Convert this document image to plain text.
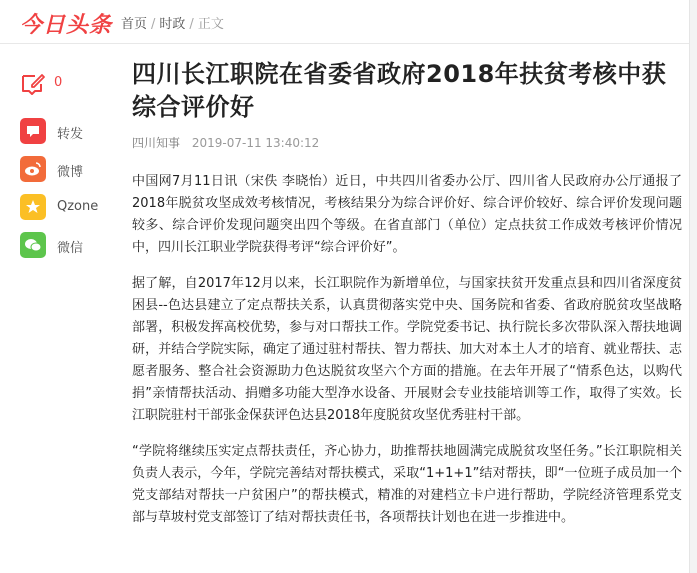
今日头条 首页 / 时政 / 正文
0
转发
微博
Qzone
微信
四川长江职院在省委省政府2018年扶贫考核中获综合评价好
四川知事 2019-07-11 13:40:12

中国网7月11日讯（宋佚 李晓怡）近日，中共四川省委办公厅、四川省人民政府办公厅通报了2018年脱贫攻坚成效考核情况，考核结果分为综合评价好、综合评价较好、综合评价发现问题较多、综合评价发现问题突出四个等级。在省直部门（单位）定点扶贫工作成效考核评价情况中，四川长江职业学院获得考评“综合评价好”。

据了解，自2017年12月以来，长江职院作为新增单位，与国家扶贫开发重点县和四川省深度贫困县--色达县建立了定点帮扶关系，认真贯彻落实党中央、国务院和省委、省政府脱贫攻坚战略部署，积极发挥高校优势，参与对口帮扶工作。学院党委书记、执行院长多次带队深入帮扶地调研，并结合学院实际，确定了通过驻村帮扶、智力帮扶、加大对本土人才的培育、就业帮扶、志愿者服务、整合社会资源助力色达脱贫攻坚六个方面的措施。在去年开展了“情系色达，以购代捐”亲情帮扶活动、捐赠多功能大型净水设备、开展财会专业技能培训等工作，取得了实效。长江职院驻村干部张金保获评色达县2018年度脱贫攻坚优秀驻村干部。

“学院将继续压实定点帮扶责任，齐心协力，助推帮扶地圆满完成脱贫攻坚任务。”长江职院相关负责人表示，今年，学院完善结对帮扶模式，采取“1+1+1”结对帮扶，即“一位班子成员加一个党支部结对帮扶一户贫困户”的帮扶模式，精准的对建档立卡户进行帮助，学院经济管理系党支部与草坡村党支部签订了结对帮扶责任书，各项帮扶计划也在进一步推进中。
